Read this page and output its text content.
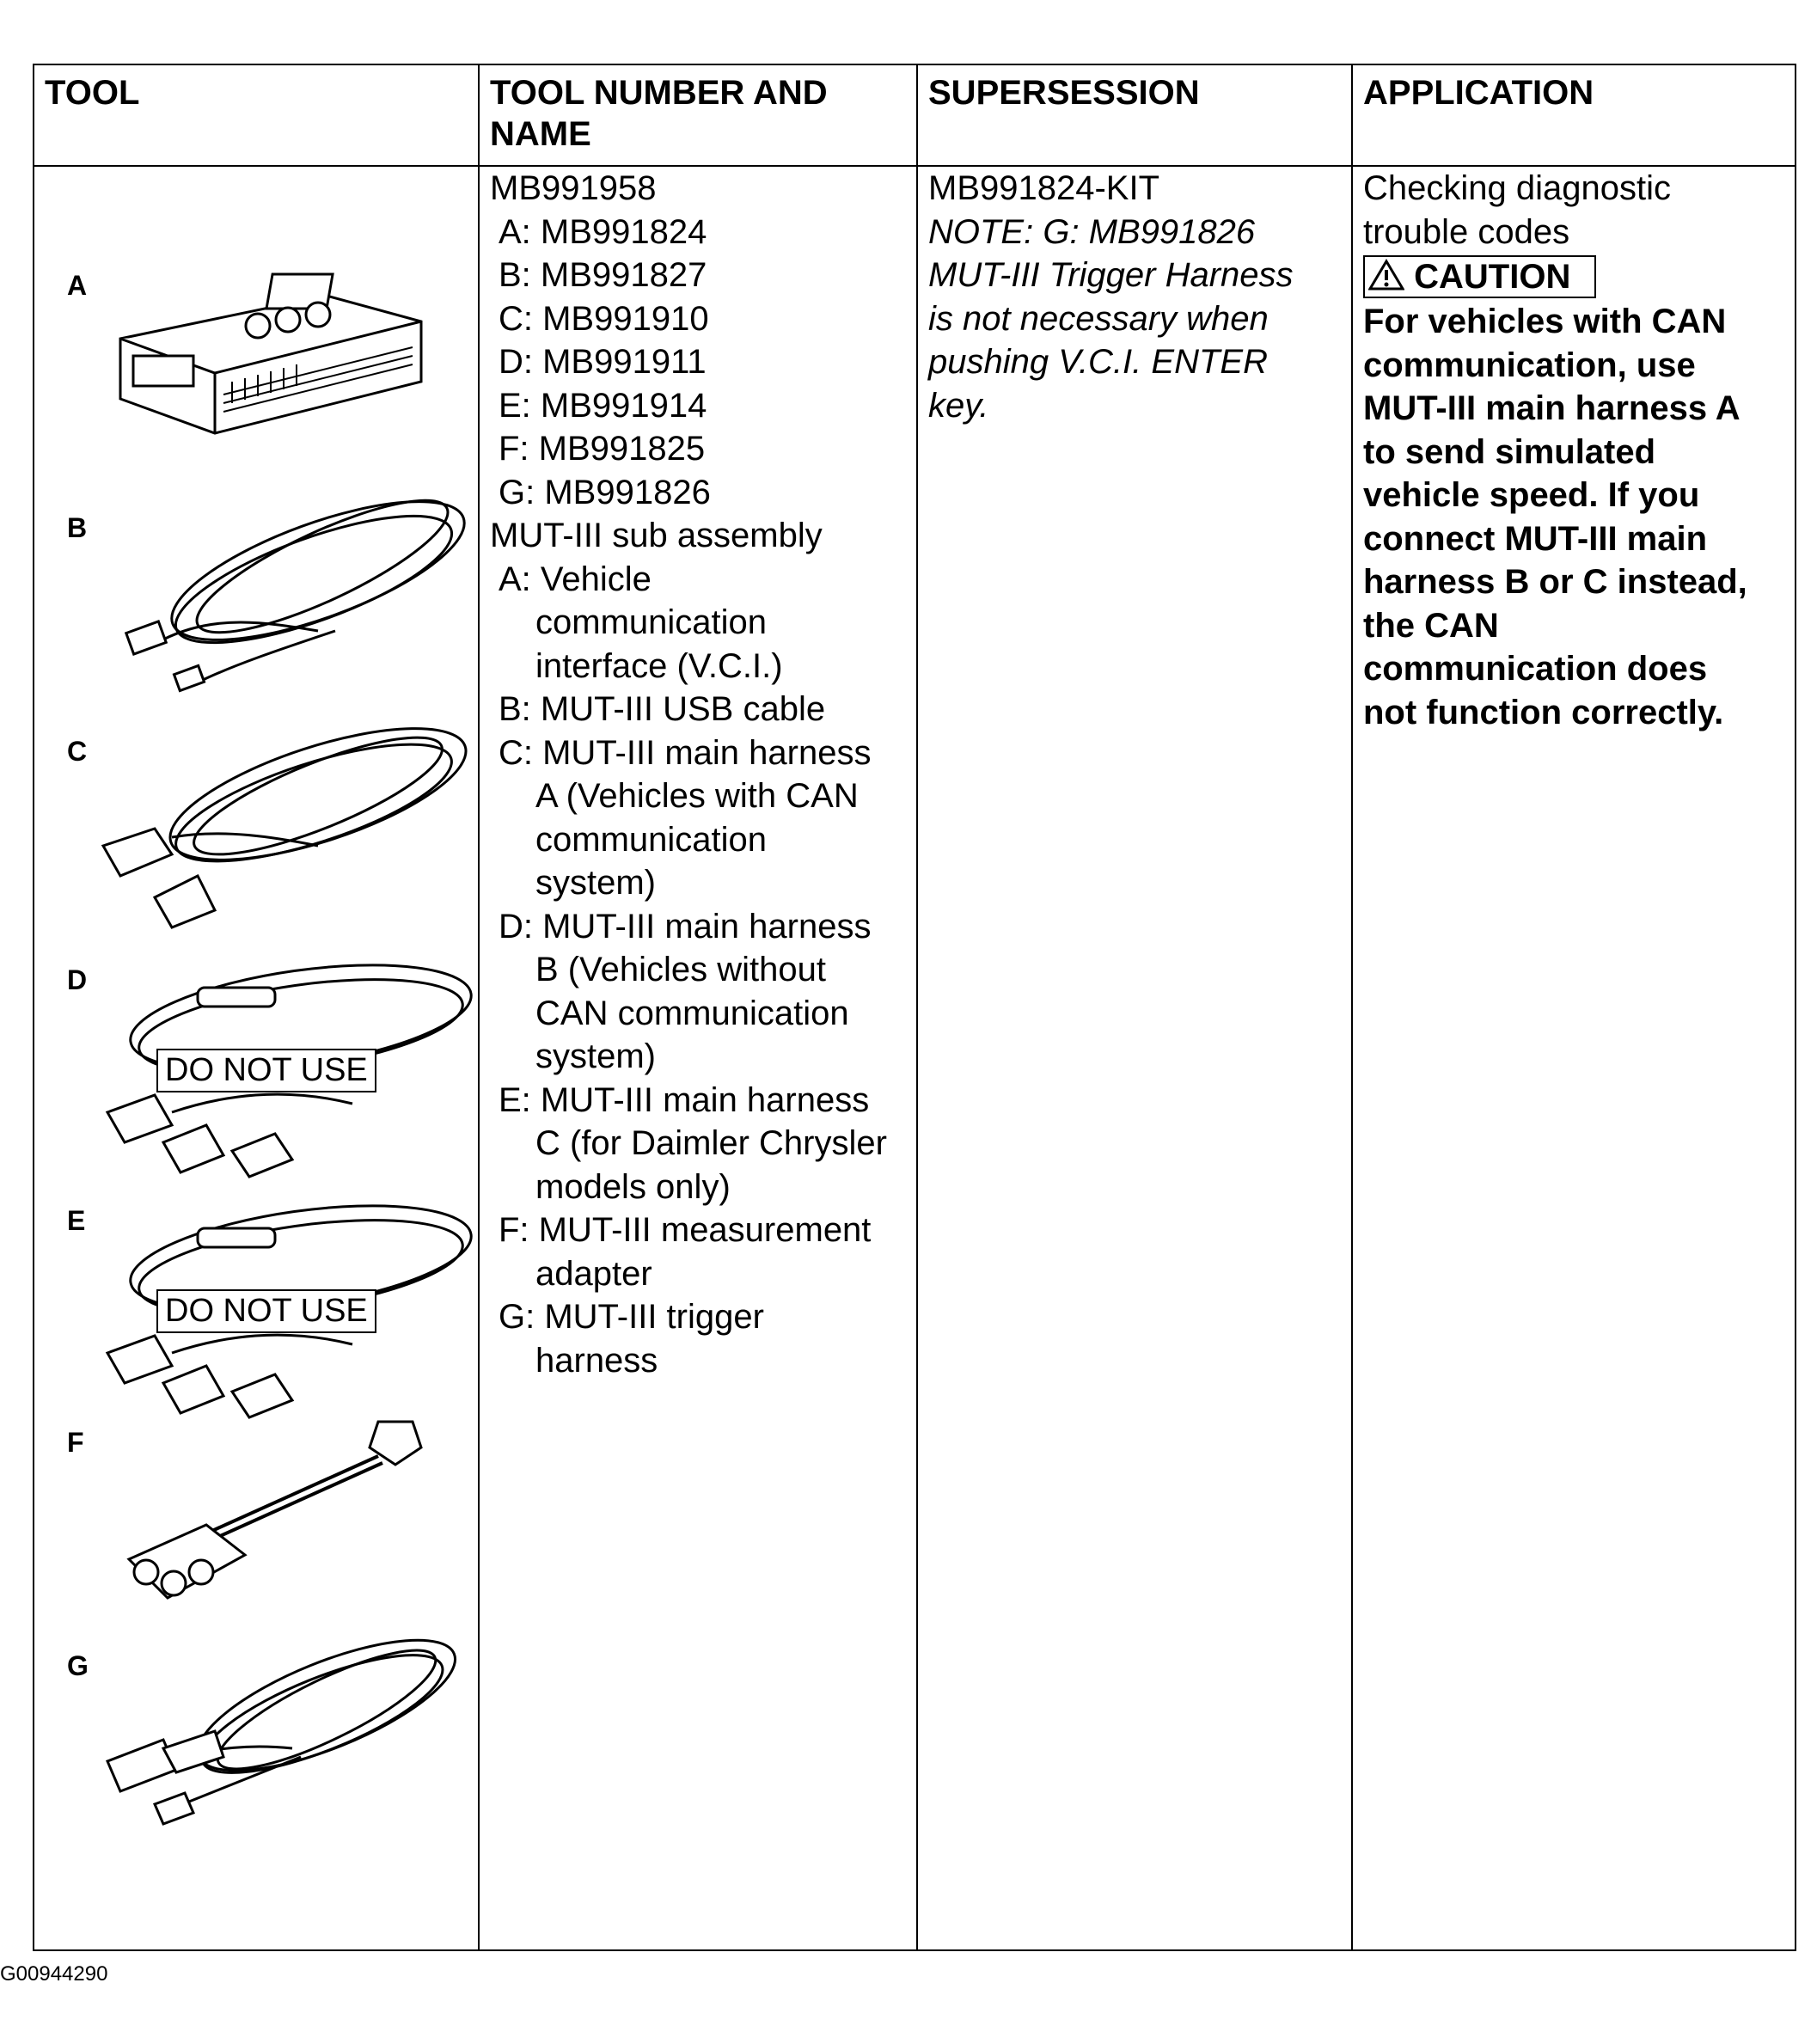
TOOL	TOOL NUMBER AND
NAME
SUPERSESSION	APPLICATION
A
B
C
D
DO NOT USE
E
DO NOT USE
F
G
MB991958
A: MB991824
B: MB991827
C: MB991910
D: MB991911
E: MB991914
F: MB991825
G: MB991826
MUT-III sub assembly
A: Vehicle
communication
interface (V.C.I.)
B: MUT-III USB cable
C: MUT-III main harness
A (Vehicles with CAN
communication
system)
D: MUT-III main harness
B (Vehicles without
CAN communication
system)
E: MUT-III main harness
C (for Daimler Chrysler
models only)
F: MUT-III measurement
adapter
G: MUT-III trigger
harness
MB991824-KIT
NOTE: G: MB991826
MUT-III Trigger Harness
is not necessary when
pushing V.C.I. ENTER
key.
Checking diagnostic
trouble codes
CAUTION
For vehicles with CAN
communication, use
MUT-III main harness A
to send simulated
vehicle speed. If you
connect MUT-III main
harness B or C instead,
the CAN
communication does
not function correctly.
G00944290
